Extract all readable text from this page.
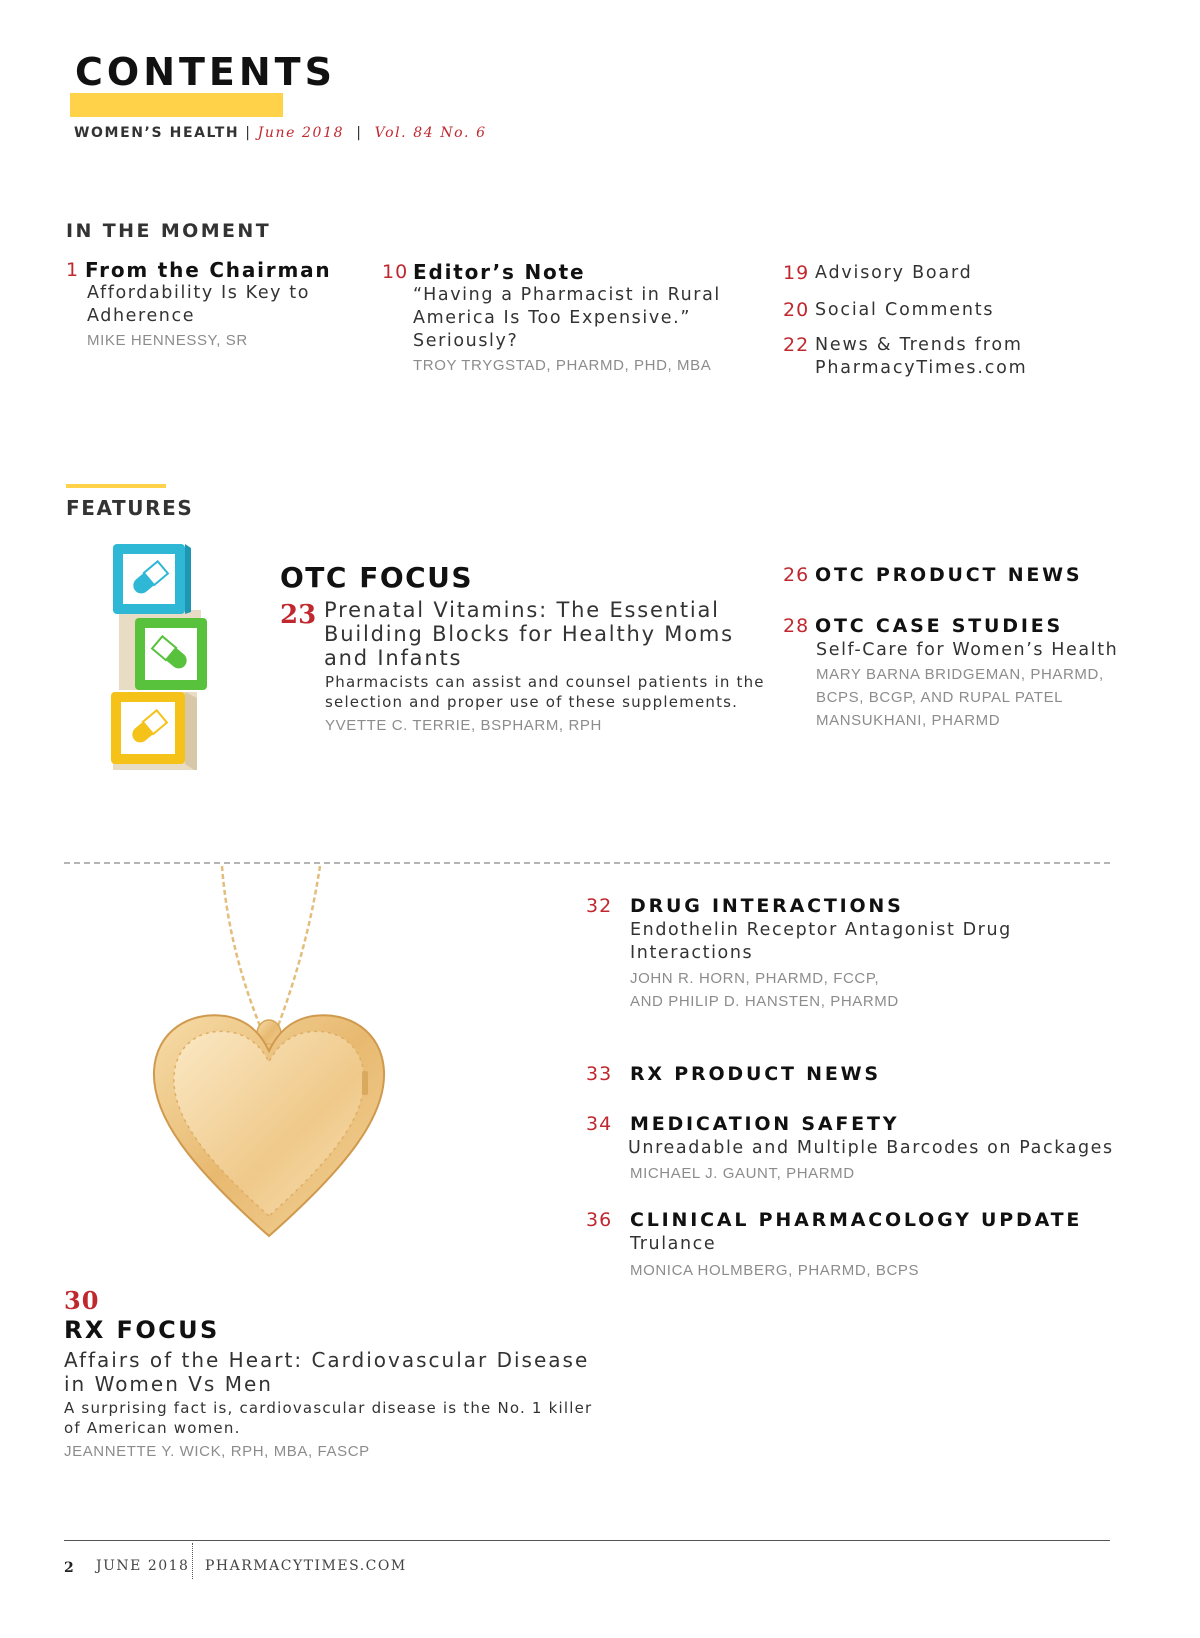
CONTENTS
WOMEN’S HEALTH | June 2018 | Vol. 84 No. 6
IN THE MOMENT
1 From the Chairman
Affordability Is Key to
Adherence
MIKE HENNESSY, SR
10 Editor’s Note
“Having a Pharmacist in Rural
America Is Too Expensive.”
Seriously?
TROY TRYGSTAD, PHARMD, PHD, MBA
19 Advisory Board
20 Social Comments
22 News & Trends from
PharmacyTimes.com
FEATURES
OTC FOCUS
23 Prenatal Vitamins: The Essential
Building Blocks for Healthy Moms
and Infants
Pharmacists can assist and counsel patients in the
selection and proper use of these supplements.
YVETTE C. TERRIE, BSPHARM, RPH
26 OTC PRODUCT NEWS
28 OTC CASE STUDIES
Self-Care for Women’s Health
MARY BARNA BRIDGEMAN, PHARMD,
BCPS, BCGP, AND RUPAL PATEL
MANSUKHANI, PHARMD
32 DRUG INTERACTIONS
Endothelin Receptor Antagonist Drug
Interactions
JOHN R. HORN, PHARMD, FCCP,
AND PHILIP D. HANSTEN, PHARMD
33 RX PRODUCT NEWS
34 MEDICATION SAFETY
Unreadable and Multiple Barcodes on Packages
MICHAEL J. GAUNT, PHARMD
36 CLINICAL PHARMACOLOGY UPDATE
Trulance
MONICA HOLMBERG, PHARMD, BCPS
30
RX FOCUS
Affairs of the Heart: Cardiovascular Disease
in Women Vs Men
A surprising fact is, cardiovascular disease is the No. 1 killer
of American women.
JEANNETTE Y. WICK, RPH, MBA, FASCP
2 JUNE 2018 PHARMACYTIMES.COM
